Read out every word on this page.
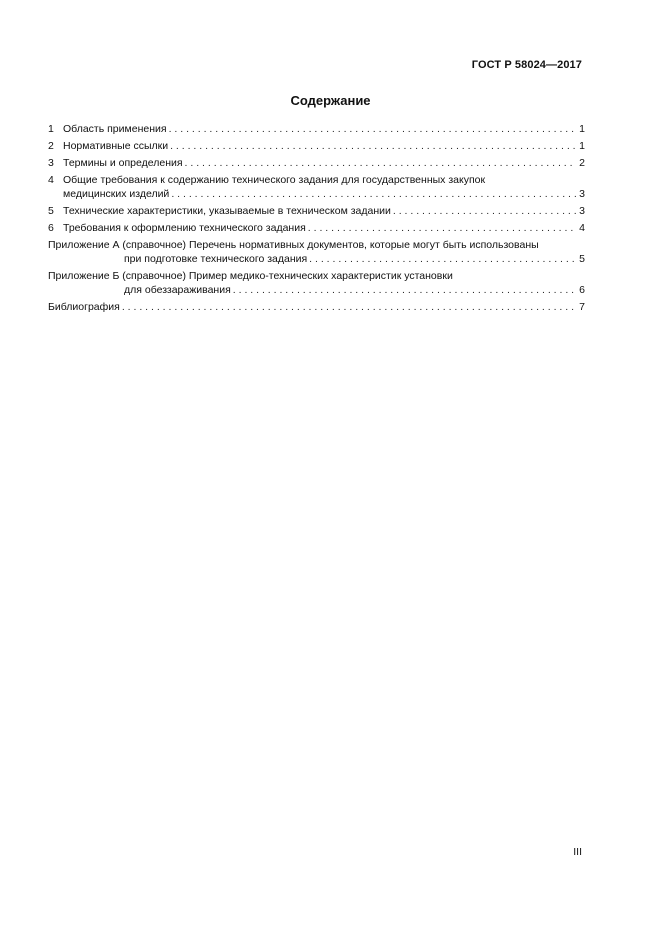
ГОСТ Р 58024—2017
Содержание
1 Область применения . . .	1
2 Нормативные ссылки . . .	1
3 Термины и определения . . .	2
4 Общие требования к содержанию технического задания для государственных закупок
медицинских изделий . . .	3
5 Технические характеристики, указываемые в техническом задании . . .	3
6 Требования к оформлению технического задания . . .	4
Приложение А (справочное) Перечень нормативных документов, которые могут быть использованы
при подготовке технического задания . . .	5
Приложение Б (справочное) Пример медико-технических характеристик установки
для обеззараживания . . .	6
Библиография . . .	7
III
